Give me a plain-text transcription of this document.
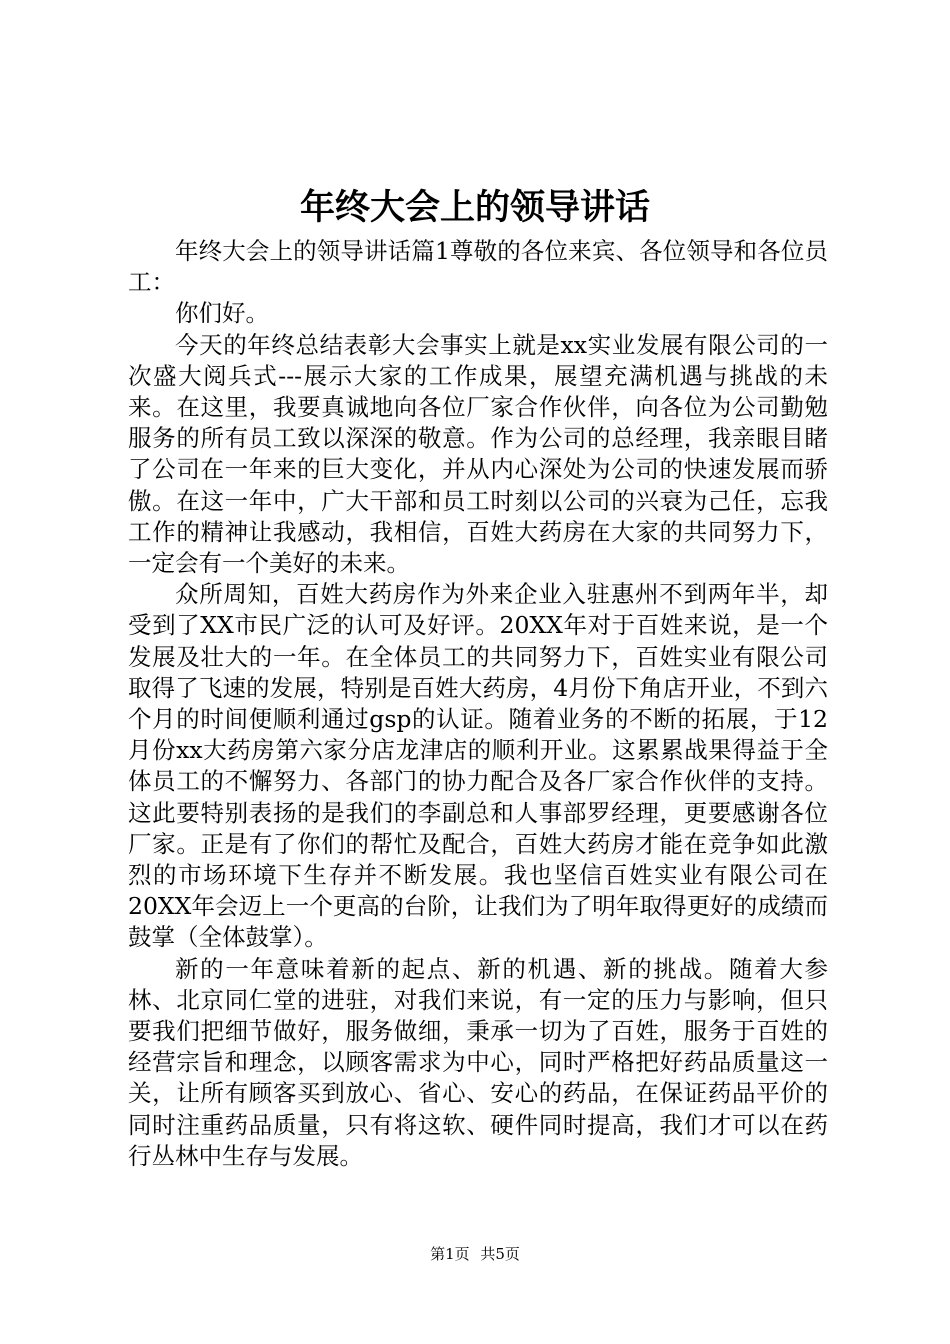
年终大会上的领导讲话

年终大会上的领导讲话篇1尊敬的各位来宾、各位领导和各位员工：

你们好。

今天的年终总结表彰大会事实上就是xx实业发展有限公司的一次盛大阅兵式---展示大家的工作成果，展望充满机遇与挑战的未来。在这里，我要真诚地向各位厂家合作伙伴，向各位为公司勤勉服务的所有员工致以深深的敬意。作为公司的总经理，我亲眼目睹了公司在一年来的巨大变化，并从内心深处为公司的快速发展而骄傲。在这一年中，广大干部和员工时刻以公司的兴衰为己任，忘我工作的精神让我感动，我相信，百姓大药房在大家的共同努力下，一定会有一个美好的未来。

众所周知，百姓大药房作为外来企业入驻惠州不到两年半，却受到了XX市民广泛的认可及好评。20XX年对于百姓来说，是一个发展及壮大的一年。在全体员工的共同努力下，百姓实业有限公司取得了飞速的发展，特别是百姓大药房，4月份下角店开业，不到六个月的时间便顺利通过gsp的认证。随着业务的不断的拓展，于12月份xx大药房第六家分店龙津店的顺利开业。这累累战果得益于全体员工的不懈努力、各部门的协力配合及各厂家合作伙伴的支持。这此要特别表扬的是我们的李副总和人事部罗经理，更要感谢各位厂家。正是有了你们的帮忙及配合，百姓大药房才能在竞争如此激烈的市场环境下生存并不断发展。我也坚信百姓实业有限公司在20XX年会迈上一个更高的台阶，让我们为了明年取得更好的成绩而鼓掌（全体鼓掌）。

新的一年意味着新的起点、新的机遇、新的挑战。随着大参林、北京同仁堂的进驻，对我们来说，有一定的压力与影响，但只要我们把细节做好，服务做细，秉承一切为了百姓，服务于百姓的经营宗旨和理念，以顾客需求为中心，同时严格把好药品质量这一关，让所有顾客买到放心、省心、安心的药品，在保证药品平价的同时注重药品质量，只有将这软、硬件同时提高，我们才可以在药行丛林中生存与发展。

第1页 共5页
